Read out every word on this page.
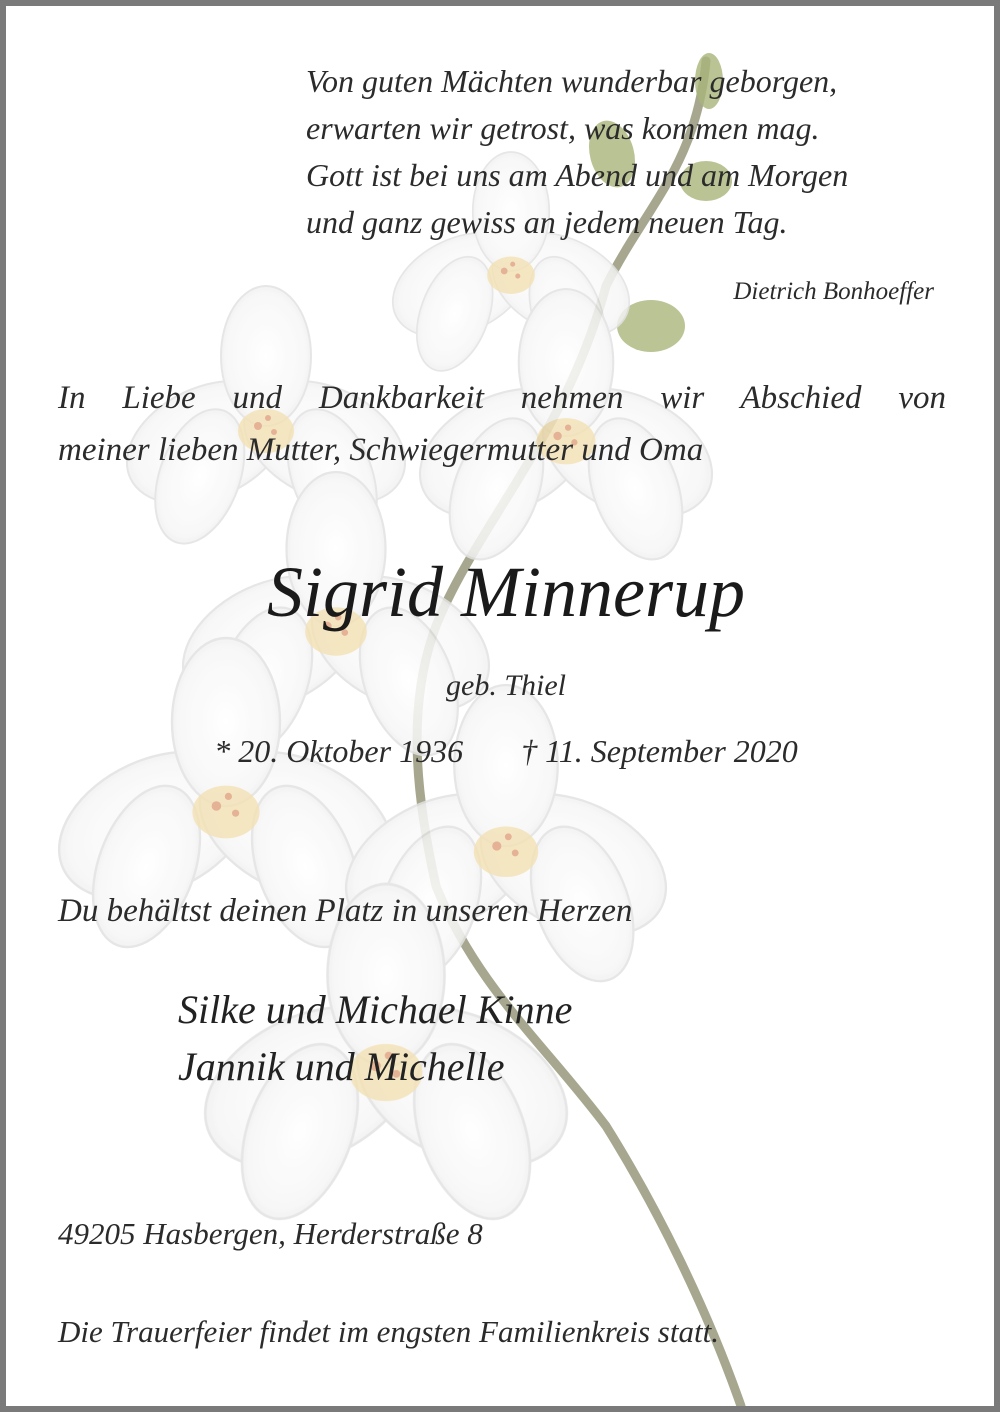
Von guten Mächten wunderbar geborgen,
erwarten wir getrost, was kommen mag.
Gott ist bei uns am Abend und am Morgen
und ganz gewiss an jedem neuen Tag.
Dietrich Bonhoeffer
In Liebe und Dankbarkeit nehmen wir Abschied von
meiner lieben Mutter, Schwiegermutter und Oma
Sigrid Minnerup
geb. Thiel
* 20. Oktober 1936 † 11. September 2020
Du behältst deinen Platz in unseren Herzen
Silke und Michael Kinne
Jannik und Michelle
49205 Hasbergen, Herderstraße 8
Die Trauerfeier findet im engsten Familienkreis statt.
